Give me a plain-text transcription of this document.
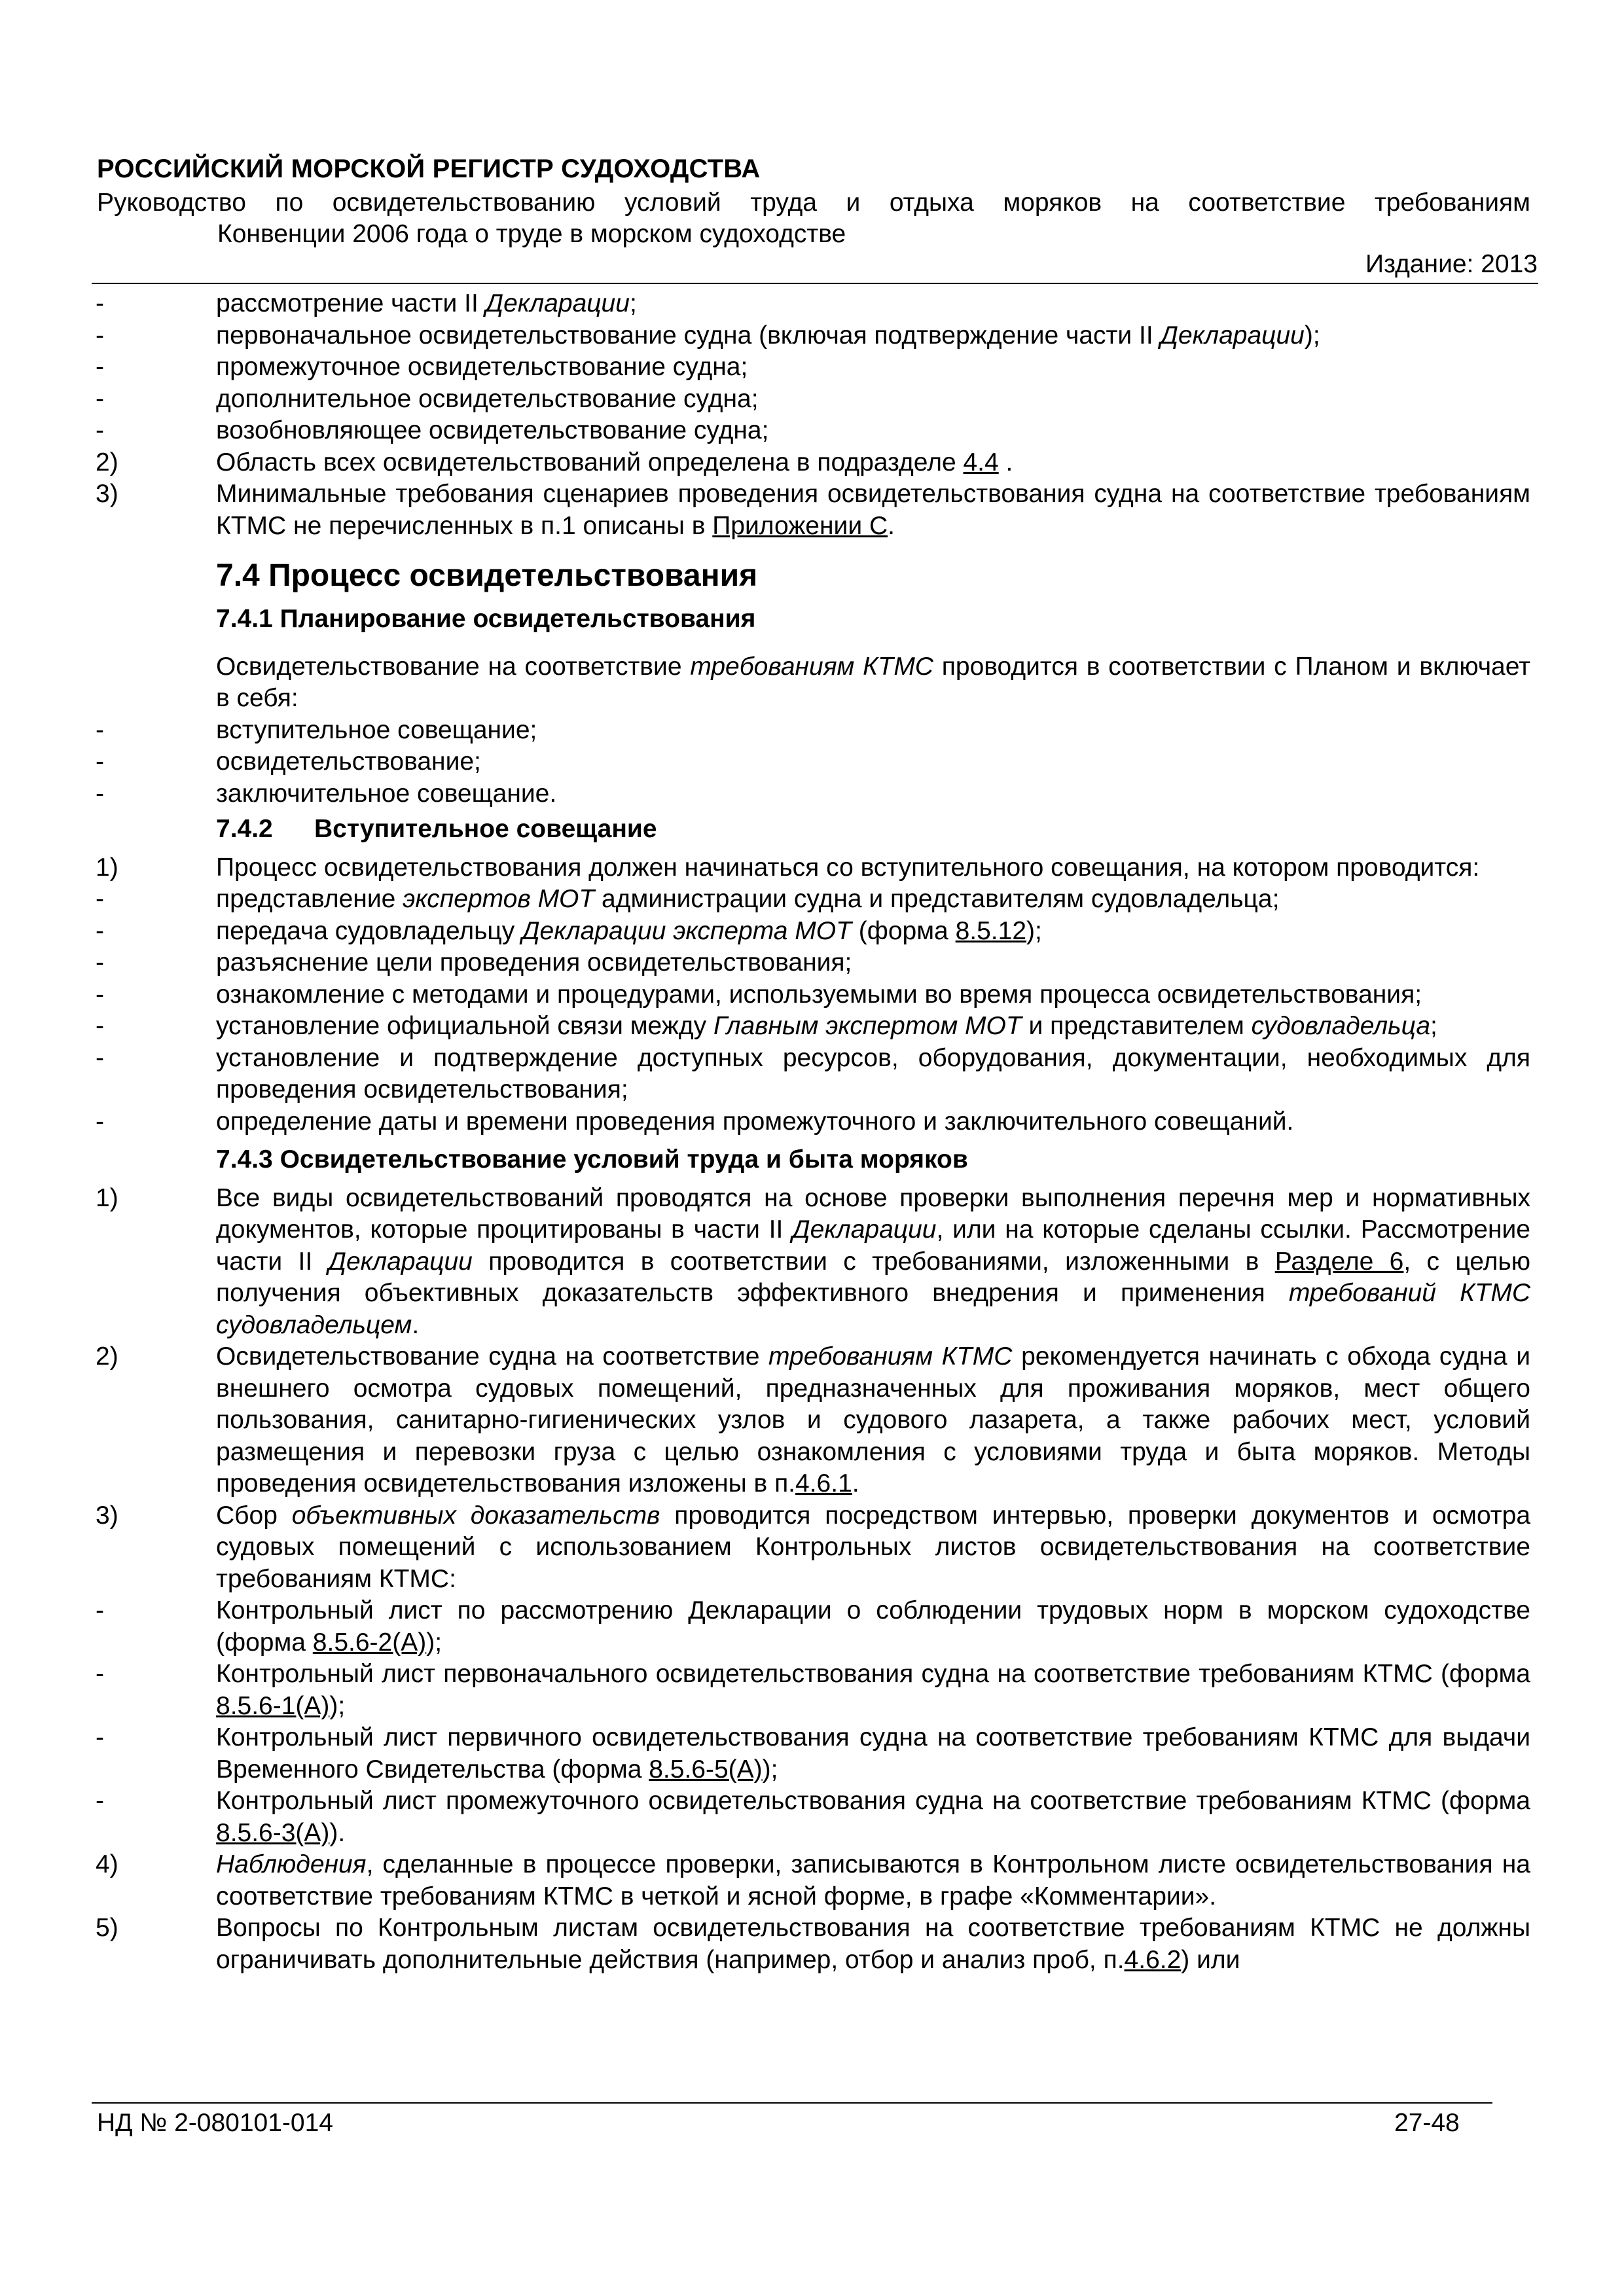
РОССИЙСКИЙ МОРСКОЙ РЕГИСТР СУДОХОДСТВА
Руководство по освидетельствованию условий труда и отдыха моряков на соответствие требованиям
Конвенции 2006 года о труде в морском судоходстве
Издание: 2013
-	рассмотрение части II Декларации;
-	первоначальное освидетельствование судна (включая подтверждение части II Декларации);
-	промежуточное освидетельствование судна;
-	дополнительное освидетельствование судна;
-	возобновляющее освидетельствование судна;
2)	Область всех освидетельствований определена в подразделе 4.4 .
3)	Минимальные требования сценариев проведения освидетельствования судна на соответствие требованиям КТМС не перечисленных в п.1 описаны в Приложении С.
7.4 Процесс освидетельствования
7.4.1 Планирование освидетельствования
Освидетельствование на соответствие требованиям КТМС проводится в соответствии с Планом и включает в себя:
-	вступительное совещание;
-	освидетельствование;
-	заключительное совещание.
7.4.2 Вступительное совещание
1)	Процесс освидетельствования должен начинаться со вступительного совещания, на котором проводится:
-	представление экспертов МОТ администрации судна и представителям судовладельца;
-	передача судовладельцу Декларации эксперта МОТ (форма 8.5.12);
-	разъяснение цели проведения освидетельствования;
-	ознакомление с методами и процедурами, используемыми во время процесса освидетельствования;
-	установление официальной связи между Главным экспертом МОТ и представителем судовладельца;
-	установление и подтверждение доступных ресурсов, оборудования, документации, необходимых для проведения освидетельствования;
-	определение даты и времени проведения промежуточного и заключительного совещаний.
7.4.3 Освидетельствование условий труда и быта моряков
1)	Все виды освидетельствований проводятся на основе проверки выполнения перечня мер и нормативных документов, которые процитированы в части II Декларации, или на которые сделаны ссылки. Рассмотрение части II Декларации проводится в соответствии с требованиями, изложенными в Разделе 6, с целью получения объективных доказательств эффективного внедрения и применения требований КТМС судовладельцем.
2)	Освидетельствование судна на соответствие требованиям КТМС рекомендуется начинать с обхода судна и внешнего осмотра судовых помещений, предназначенных для проживания моряков, мест общего пользования, санитарно-гигиенических узлов и судового лазарета, а также рабочих мест, условий размещения и перевозки груза с целью ознакомления с условиями труда и быта моряков. Методы проведения освидетельствования изложены в п.4.6.1.
3)	Сбор объективных доказательств проводится посредством интервью, проверки документов и осмотра судовых помещений с использованием Контрольных листов освидетельствования на соответствие требованиям КТМС:
-	Контрольный лист по рассмотрению Декларации о соблюдении трудовых норм в морском судоходстве (форма 8.5.6-2(А));
-	Контрольный лист первоначального освидетельствования судна на соответствие требованиям КТМС (форма 8.5.6-1(А));
-	Контрольный лист первичного освидетельствования судна на соответствие требованиям КТМС для выдачи Временного Свидетельства (форма 8.5.6-5(А));
-	Контрольный лист промежуточного освидетельствования судна на соответствие требованиям КТМС (форма 8.5.6-3(А)).
4)	Наблюдения, сделанные в процессе проверки, записываются в Контрольном листе освидетельствования на соответствие требованиям КТМС в четкой и ясной форме, в графе «Комментарии».
5)	Вопросы по Контрольным листам освидетельствования на соответствие требованиям КТМС не должны ограничивать дополнительные действия (например, отбор и анализ проб, п.4.6.2) или
НД № 2-080101-014	27-48
